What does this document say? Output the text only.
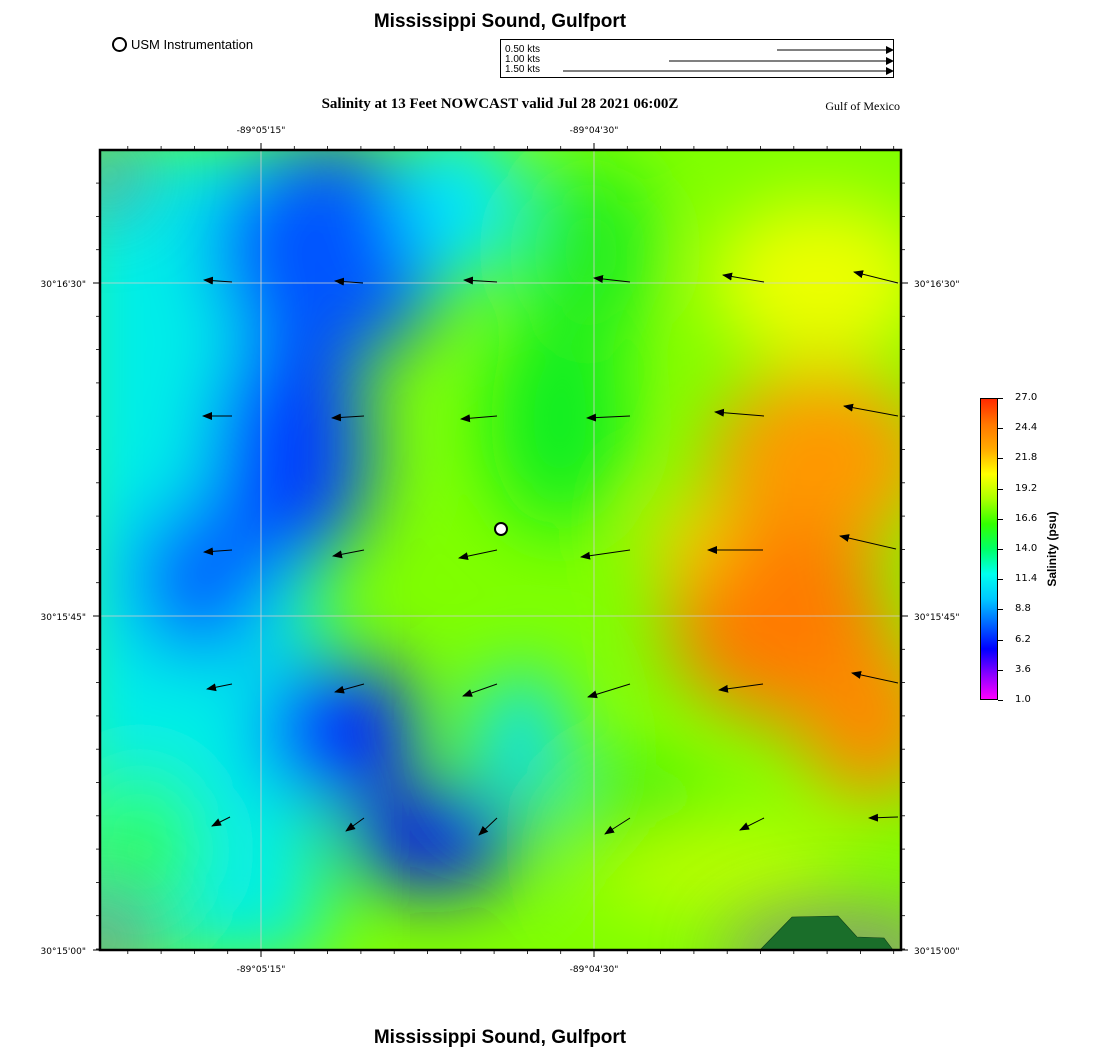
Mississippi Sound, Gulfport
USM Instrumentation	0.50 kts
1.00 kts
1.50 kts
Salinity at 13 Feet NOWCAST valid Jul 28 2021 06:00Z	Gulf of Mexico
-89°05'15"	-89°04'30"
-89°05'15"	-89°04'30"
30°16'30"
30°15'45"
30°15'00"
30°16'30"
30°15'45"
30°15'00"
27.0
24.4
21.8
19.2
16.6
14.0
11.4
8.8
6.2
3.6
1.0
Salinity (psu)
Mississippi Sound, Gulfport
